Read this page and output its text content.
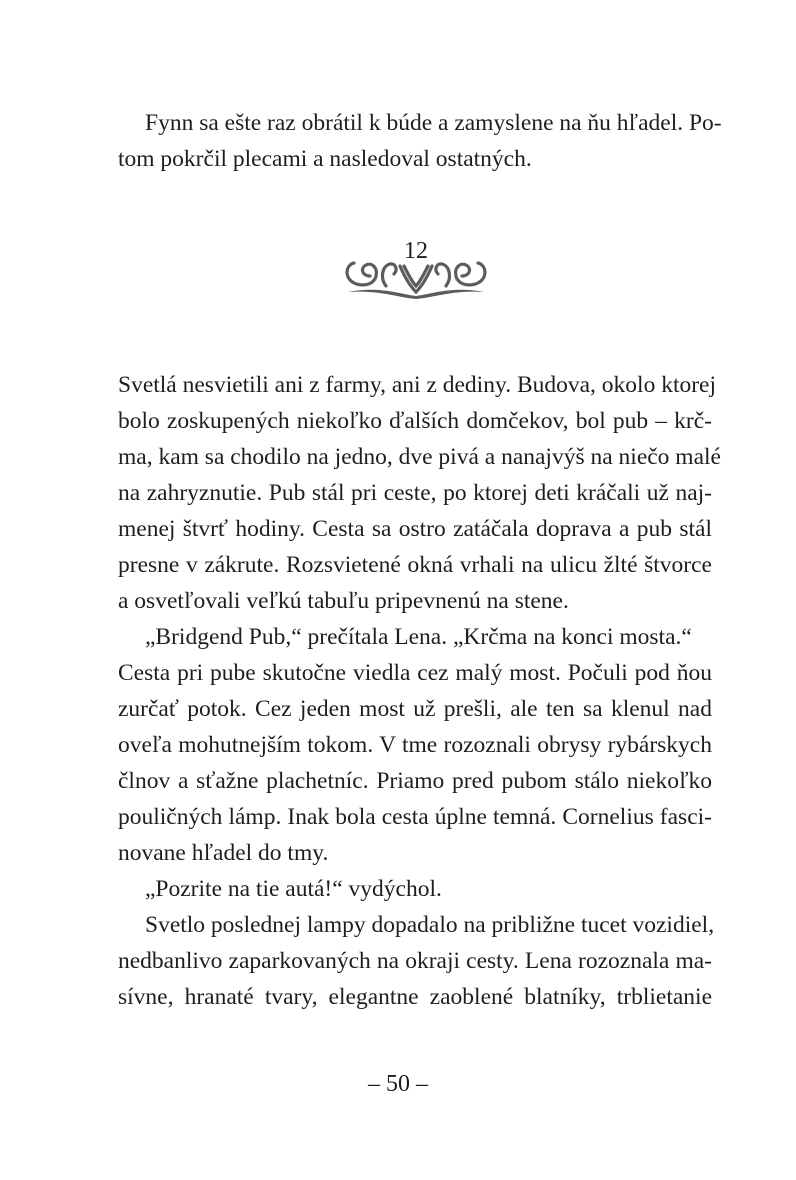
Fynn sa ešte raz obrátil k búde a zamyslene na ňu hľadel. Po-

tom pokrčil plecami a nasledoval ostatných.

12

Svetlá nesvietili ani z farmy, ani z dediny. Budova, okolo ktorej

bolo zoskupených niekoľko ďalších domčekov, bol pub – krč-

ma, kam sa chodilo na jedno, dve pivá a nanajvýš na niečo malé

na zahryznutie. Pub stál pri ceste, po ktorej deti kráčali už naj-

menej štvrť hodiny. Cesta sa ostro zatáčala doprava a pub stál

presne v zákrute. Rozsvietené okná vrhali na ulicu žlté štvorce

a osvetľovali veľkú tabuľu pripevnenú na stene.

„Bridgend Pub,“ prečítala Lena. „Krčma na konci mosta.“

Cesta pri pube skutočne viedla cez malý most. Počuli pod ňou

zurčať potok. Cez jeden most už prešli, ale ten sa klenul nad

oveľa mohutnejším tokom. V tme rozoznali obrysy rybárskych

člnov a sťažne plachetníc. Priamo pred pubom stálo niekoľko

pouličných lámp. Inak bola cesta úplne temná. Cornelius fasci-

novane hľadel do tmy.

„Pozrite na tie autá!“ vydýchol.

Svetlo poslednej lampy dopadalo na približne tucet vozidiel,

nedbanlivo zaparkovaných na okraji cesty. Lena rozoznala ma-

sívne, hranaté tvary, elegantne zaoblené blatníky, trblietanie

– 50 –
